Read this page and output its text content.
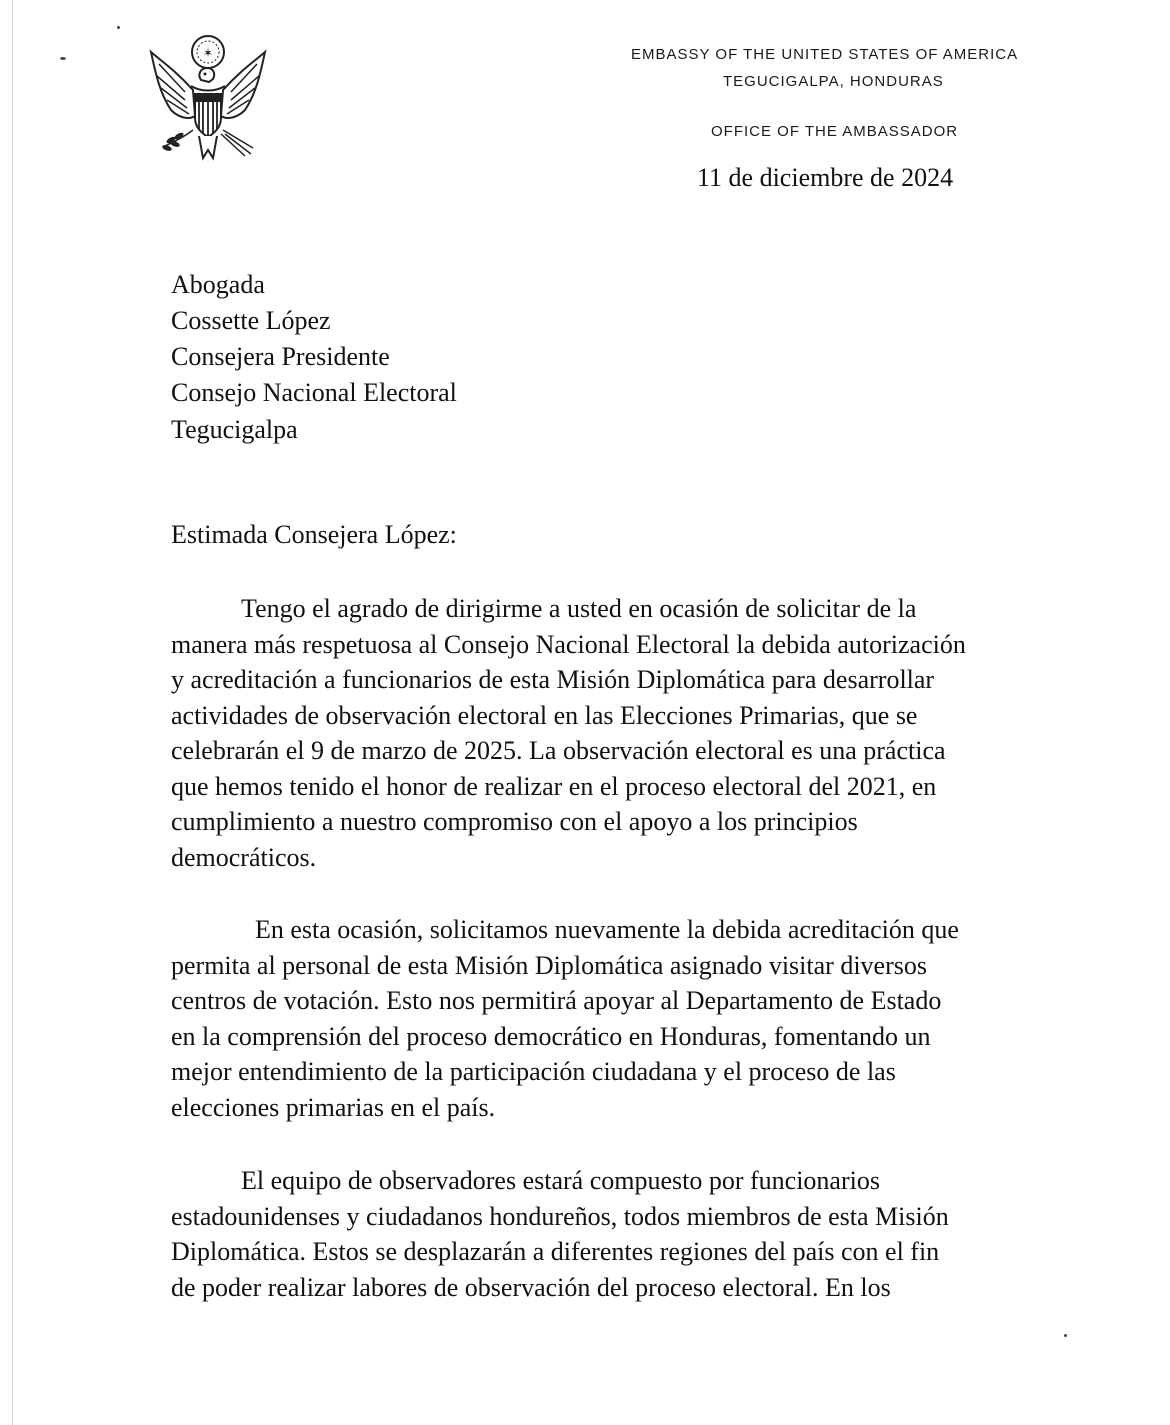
✶	EMBASSY OF THE UNITED STATES OF AMERICA
TEGUCIGALPA, HONDURAS
OFFICE OF THE AMBASSADOR
11 de diciembre de 2024
Abogada
Cossette López
Consejera Presidente
Consejo Nacional Electoral
Tegucigalpa
Estimada Consejera López:
Tengo el agrado de dirigirme a usted en ocasión de solicitar de la
manera más respetuosa al Consejo Nacional Electoral la debida autorización
y acreditación a funcionarios de esta Misión Diplomática para desarrollar
actividades de observación electoral en las Elecciones Primarias, que se
celebrarán el 9 de marzo de 2025. La observación electoral es una práctica
que hemos tenido el honor de realizar en el proceso electoral del 2021, en
cumplimiento a nuestro compromiso con el apoyo a los principios
democráticos.
En esta ocasión, solicitamos nuevamente la debida acreditación que
permita al personal de esta Misión Diplomática asignado visitar diversos
centros de votación. Esto nos permitirá apoyar al Departamento de Estado
en la comprensión del proceso democrático en Honduras, fomentando un
mejor entendimiento de la participación ciudadana y el proceso de las
elecciones primarias en el país.
El equipo de observadores estará compuesto por funcionarios
estadounidenses y ciudadanos hondureños, todos miembros de esta Misión
Diplomática. Estos se desplazarán a diferentes regiones del país con el fin
de poder realizar labores de observación del proceso electoral. En los
